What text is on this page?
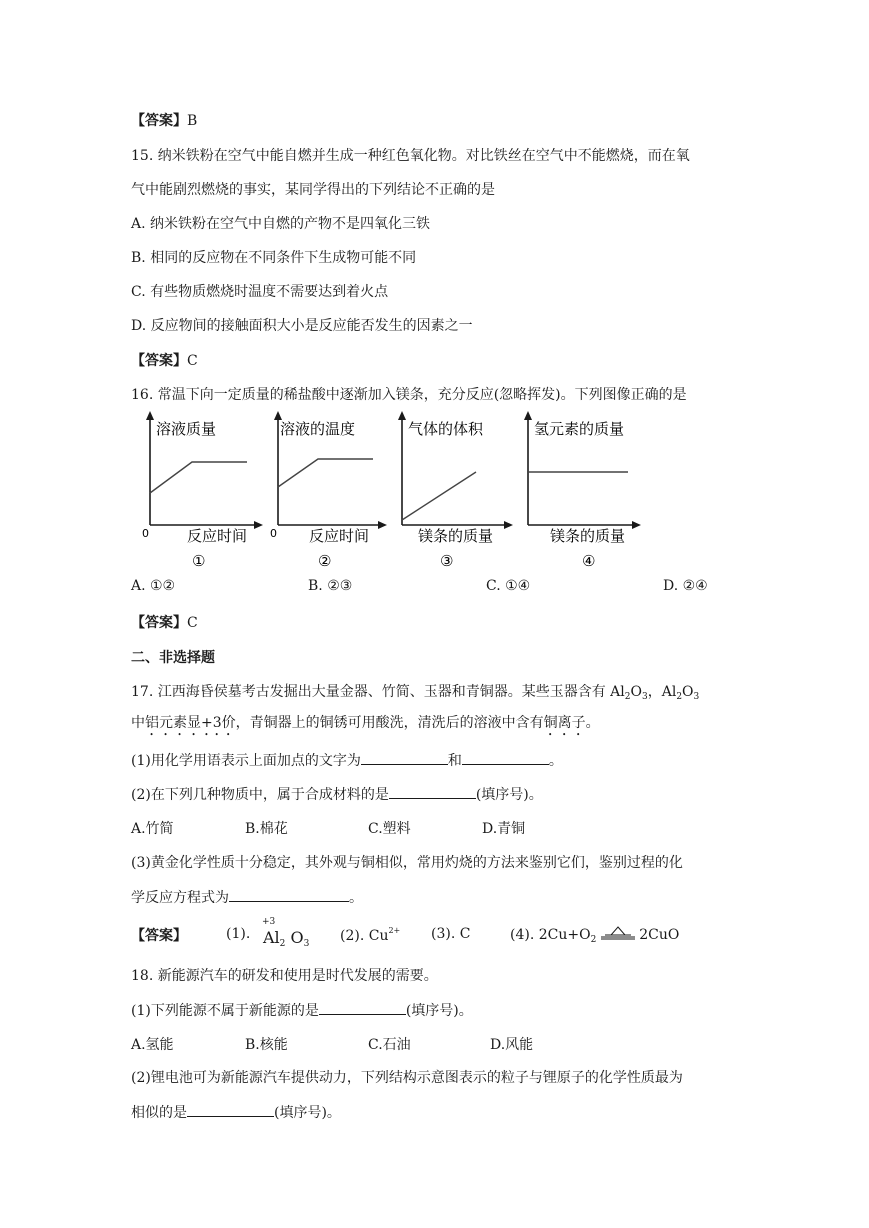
【答案】B
15. 纳米铁粉在空气中能自燃并生成一种红色氧化物。对比铁丝在空气中不能燃烧，而在氧
气中能剧烈燃烧的事实，某同学得出的下列结论不正确的是
A. 纳米铁粉在空气中自燃的产物不是四氧化三铁
B. 相同的反应物在不同条件下生成物可能不同
C. 有些物质燃烧时温度不需要达到着火点
D. 反应物间的接触面积大小是反应能否发生的因素之一
【答案】C
16. 常温下向一定质量的稀盐酸中逐渐加入镁条，充分反应(忽略挥发)。下列图像正确的是
溶液质量
反应时间
0
①
溶液的温度
反应时间
0
②
气体的体积
镁条的质量
③
氢元素的质量
镁条的质量
④
A. ①②	B. ②③	C. ①④	D. ②④
【答案】C
二、非选择题
17. 江西海昏侯墓考古发掘出大量金器、竹简、玉器和青铜器。某些玉器含有 $Al_2O_3$，$Al_2O_3$
中铝元素显+3价，青铜器上的铜锈可用酸洗，清洗后的溶液中含有铜离子。
(1)用化学用语表示上面加点的文字为	和	。
(2)在下列几种物质中，属于合成材料的是	(填序号)。
A.竹简	B.棉花	C.塑料	D.青铜
(3)黄金化学性质十分稳定，其外观与铜相似，常用灼烧的方法来鉴别它们，鉴别过程的化
学反应方程式为	。
【答案】	(1).
+3
$Al_2$ $O_3$ (2). $Cu^{2+}$ (3). C	(4). $2Cu+O_2$	2CuO
18. 新能源汽车的研发和使用是时代发展的需要。
(1)下列能源不属于新能源的是	(填序号)。
A.氢能	B.核能	C.石油	D.风能
(2)锂电池可为新能源汽车提供动力，下列结构示意图表示的粒子与锂原子的化学性质最为
相似的是	(填序号)。
